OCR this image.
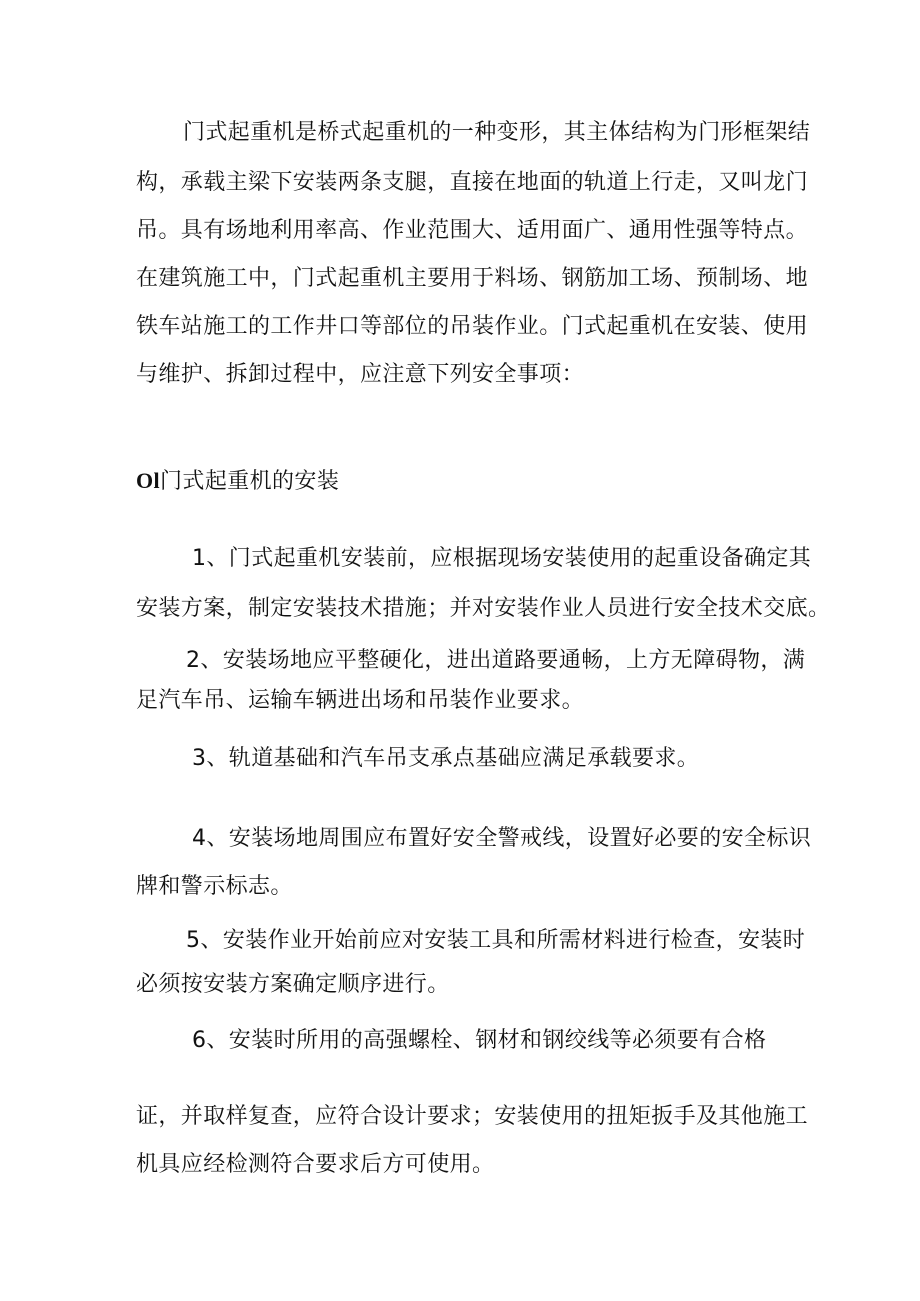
门式起重机是桥式起重机的一种变形，其主体结构为门形框架结

构，承载主梁下安装两条支腿，直接在地面的轨道上行走，又叫龙门

吊。具有场地利用率高、作业范围大、适用面广、通用性强等特点。

在建筑施工中，门式起重机主要用于料场、钢筋加工场、预制场、地

铁车站施工的工作井口等部位的吊装作业。门式起重机在安装、使用

与维护、拆卸过程中，应注意下列安全事项：

Ol门式起重机的安装

1、门式起重机安装前，应根据现场安装使用的起重设备确定其

安装方案，制定安装技术措施；并对安装作业人员进行安全技术交底。

2、安装场地应平整硬化，进出道路要通畅，上方无障碍物，满

足汽车吊、运输车辆进出场和吊装作业要求。

3、轨道基础和汽车吊支承点基础应满足承载要求。

4、安装场地周围应布置好安全警戒线，设置好必要的安全标识

牌和警示标志。

5、安装作业开始前应对安装工具和所需材料进行检查，安装时

必须按安装方案确定顺序进行。

6、安装时所用的高强螺栓、钢材和钢绞线等必须要有合格

证，并取样复查，应符合设计要求；安装使用的扭矩扳手及其他施工

机具应经检测符合要求后方可使用。
